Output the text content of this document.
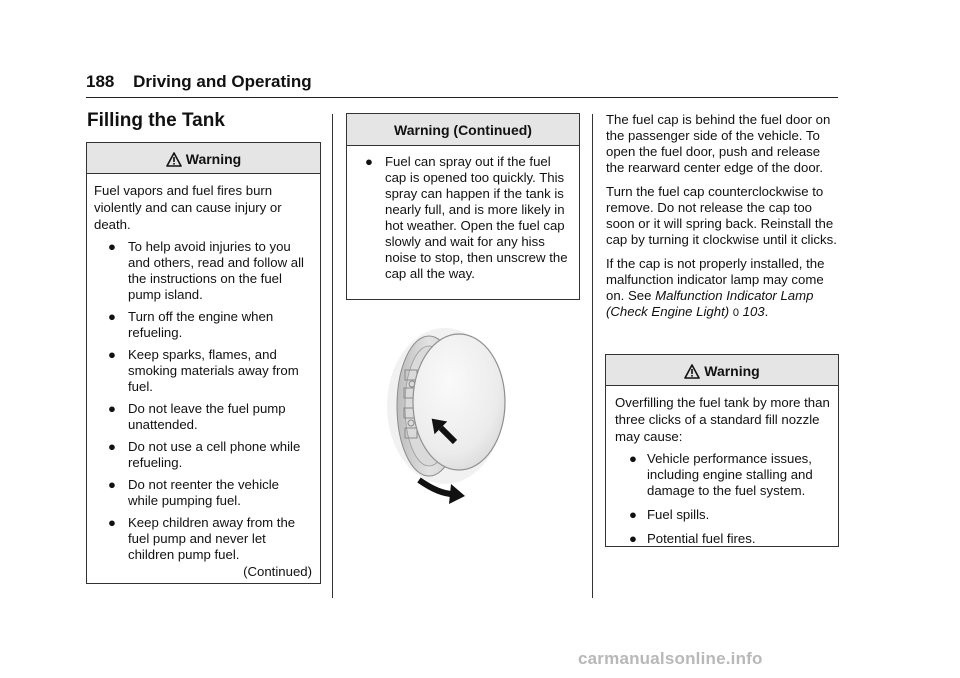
188 Driving and Operating
Filling the Tank
Warning

Fuel vapors and fuel fires burn violently and can cause injury or death.

● To help avoid injuries to you and others, read and follow all the instructions on the fuel pump island.
● Turn off the engine when refueling.
● Keep sparks, flames, and smoking materials away from fuel.
● Do not leave the fuel pump unattended.
● Do not use a cell phone while refueling.
● Do not reenter the vehicle while pumping fuel.
● Keep children away from the fuel pump and never let children pump fuel.
(Continued)
Warning (Continued)
● Fuel can spray out if the fuel cap is opened too quickly. This spray can happen if the tank is nearly full, and is more likely in hot weather. Open the fuel cap slowly and wait for any hiss noise to stop, then unscrew the cap all the way.

The fuel cap is behind the fuel door on the passenger side of the vehicle. To open the fuel door, push and release the rearward center edge of the door.

Turn the fuel cap counterclockwise to remove. Do not release the cap too soon or it will spring back. Reinstall the cap by turning it clockwise until it clicks.

If the cap is not properly installed, the malfunction indicator lamp may come on. See Malfunction Indicator Lamp (Check Engine Light) 0 103.

Warning

Overfilling the fuel tank by more than three clicks of a standard fill nozzle may cause:

● Vehicle performance issues, including engine stalling and damage to the fuel system.
● Fuel spills.
● Potential fuel fires.
carmanualsonline.info
